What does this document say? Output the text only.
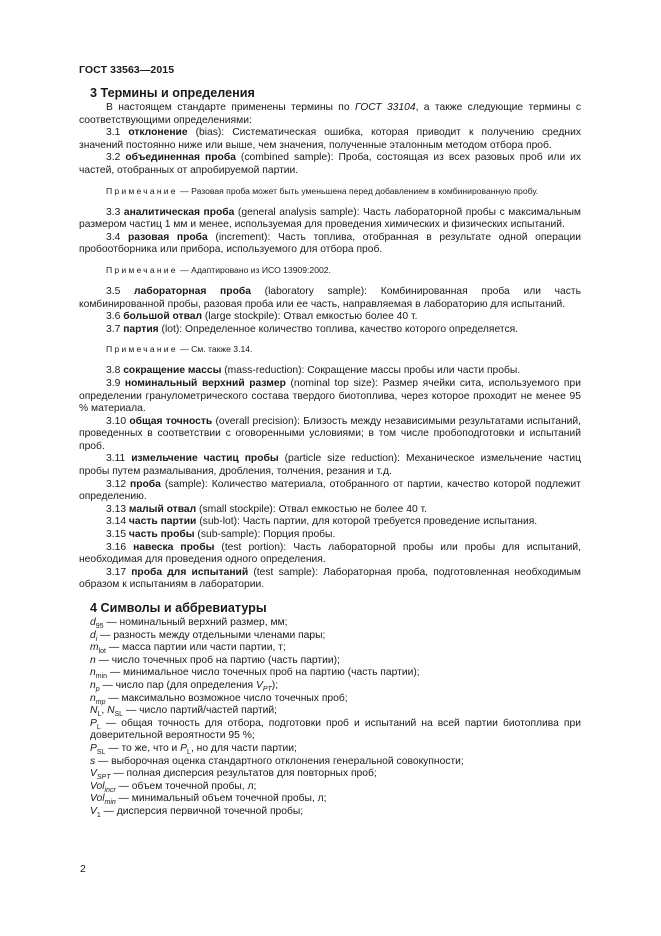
ГОСТ 33563—2015
3 Термины и определения

В настоящем стандарте применены термины по ГОСТ 33104, а также следующие термины с соответствующими определениями:

3.1 отклонение (bias): Систематическая ошибка, которая приводит к получению средних значений постоянно ниже или выше, чем значения, полученные эталонным методом отбора проб.

3.2 объединенная проба (combined sample): Проба, состоящая из всех разовых проб или их частей, отобранных от апробируемой партии.

Примечание — Разовая проба может быть уменьшена перед добавлением в комбинированную пробу.

3.3 аналитическая проба (general analysis sample): Часть лабораторной пробы с максимальным размером частиц 1 мм и менее, используемая для проведения химических и физических испытаний.

3.4 разовая проба (increment): Часть топлива, отобранная в результате одной операции пробоотборника или прибора, используемого для отбора проб.

Примечание — Адаптировано из ИСО 13909:2002.

3.5 лабораторная проба (laboratory sample): Комбинированная проба или часть комбинированной пробы, разовая проба или ее часть, направляемая в лабораторию для испытаний.

3.6 большой отвал (large stockpile): Отвал емкостью более 40 т.

3.7 партия (lot): Определенное количество топлива, качество которого определяется.

Примечание — См. также 3.14.

3.8 сокращение массы (mass-reduction): Сокращение массы пробы или части пробы.

3.9 номинальный верхний размер (nominal top size): Размер ячейки сита, используемого при определении гранулометрического состава твердого биотоплива, через которое проходит не менее 95 % материала.

3.10 общая точность (overall precision): Близость между независимыми результатами испытаний, проведенных в соответствии с оговоренными условиями; в том числе пробоподготовки и испытаний проб.

3.11 измельчение частиц пробы (particle size reduction): Механическое измельчение частиц пробы путем размалывания, дробления, толчения, резания и т.д.

3.12 проба (sample): Количество материала, отобранного от партии, качество которой подлежит определению.

3.13 малый отвал (small stockpile): Отвал емкостью не более 40 т.

3.14 часть партии (sub-lot): Часть партии, для которой требуется проведение испытания.

3.15 часть пробы (sub-sample): Порция пробы.

3.16 навеска пробы (test portion): Часть лабораторной пробы или пробы для испытаний, необходимая для проведения одного определения.

3.17 проба для испытаний (test sample): Лабораторная проба, подготовленная необходимым образом к испытаниям в лаборатории.

4 Символы и аббревиатуры

$d_{95}$ — номинальный верхний размер, мм;

$d_i$ — разность между отдельными членами пары;

$m_{lot}$ — масса партии или части партии, т;

n — число точечных проб на партию (часть партии);

$n_{min}$ — минимальное число точечных проб на партию (часть партии);

$n_p$ — число пар (для определения $V_{PT}$);

$n_{mp}$ — максимально возможное число точечных проб;

$N_L$, $N_{SL}$ — число партий/частей партий;

$P_L$ — общая точность для отбора, подготовки проб и испытаний на всей партии биотоплива при доверительной вероятности 95 %;

$P_{SL}$ — то же, что и $P_L$, но для части партии;

s — выборочная оценка стандартного отклонения генеральной совокупности;

$V_{SPT}$ — полная дисперсия результатов для повторных проб;

Vol$_{incr}$ — объем точечной пробы, л;

Vol$_{min}$ — минимальный объем точечной пробы, л;

$V_1$ — дисперсия первичной точечной пробы;

2
